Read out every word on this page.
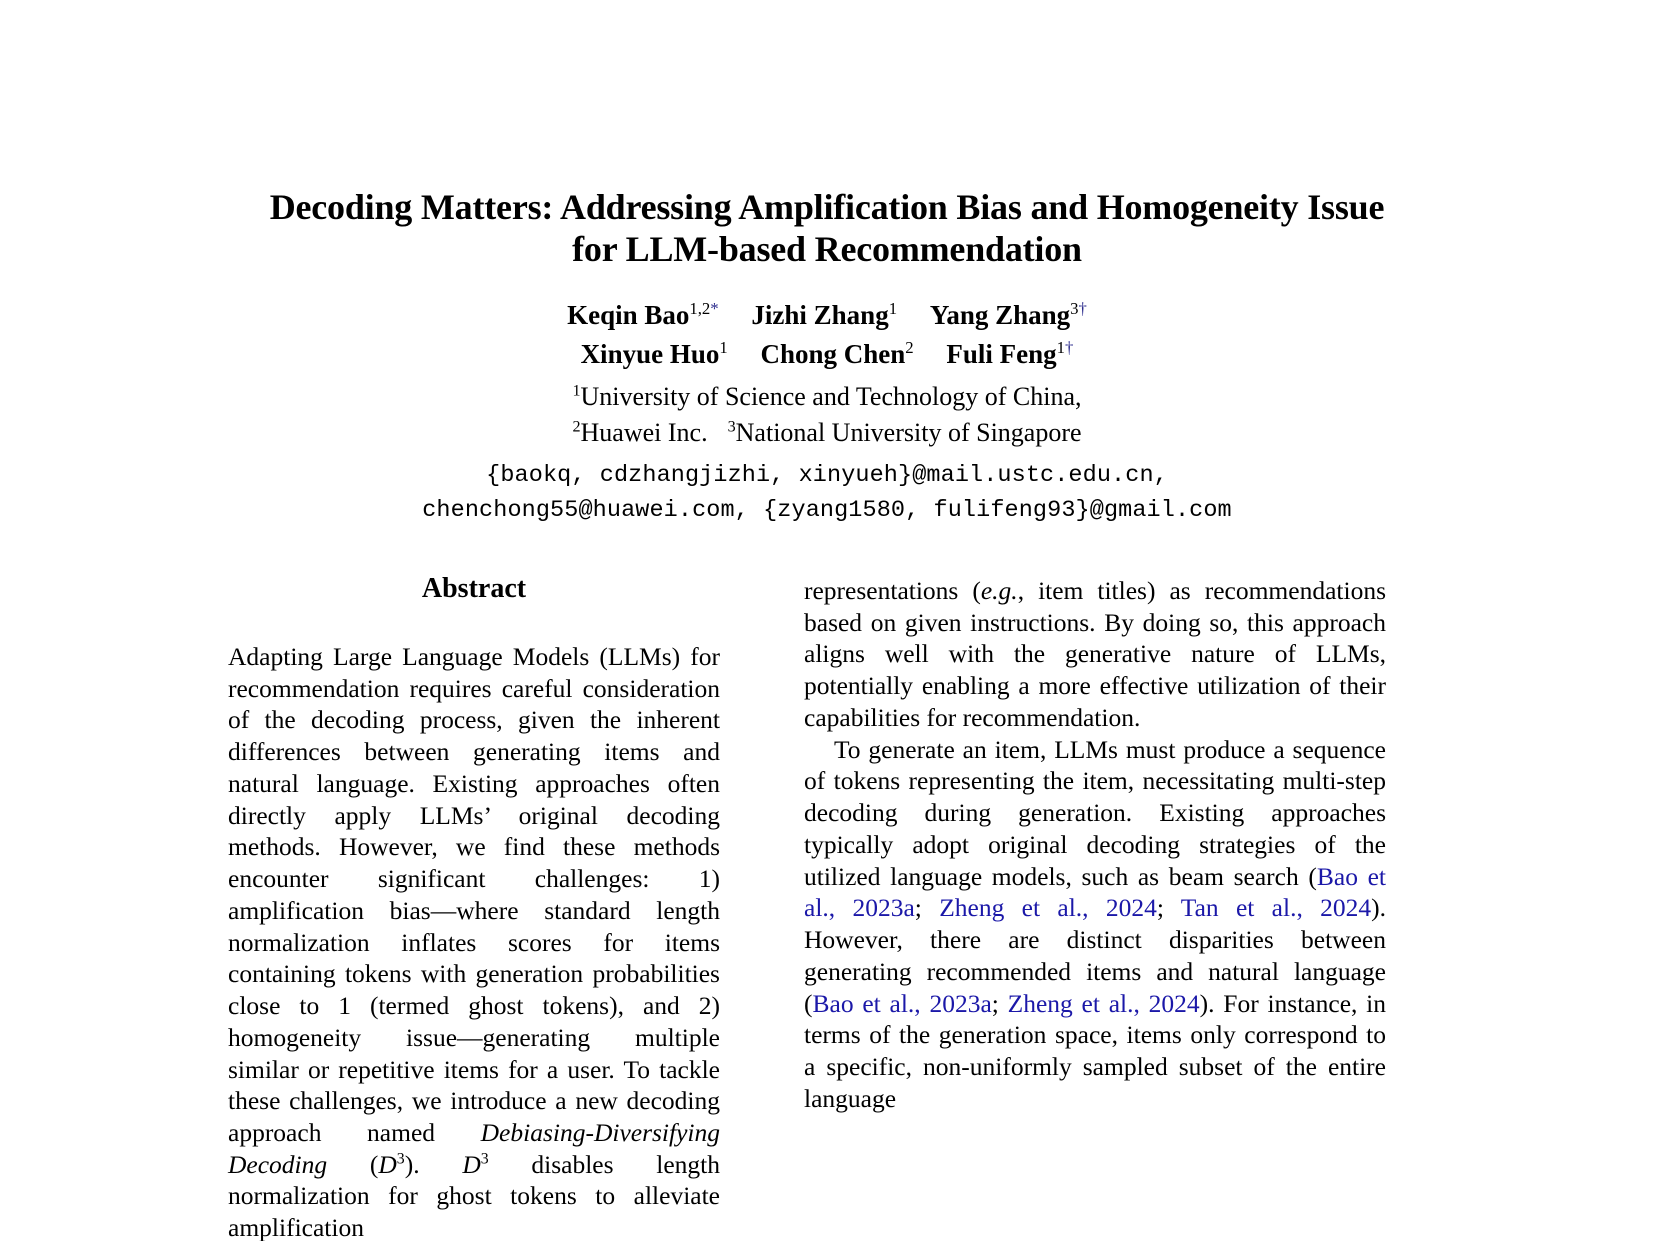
Decoding Matters: Addressing Amplification Bias and Homogeneity Issue
for LLM-based Recommendation
Keqin Bao$^{1,2*}$ Jizhi Zhang$^1$ Yang Zhang$^{3\dagger}$
Xinyue Huo$^1$ Chong Chen$^2$ Fuli Feng$^{1\dagger}$
$^1$University of Science and Technology of China,
$^2$Huawei Inc. $^3$National University of Singapore
{baokq, cdzhangjizhi, xinyueh}@mail.ustc.edu.cn,
chenchong55@huawei.com, {zyang1580, fulifeng93}@gmail.com
Abstract

Adapting Large Language Models (LLMs) for recommendation requires careful consideration of the decoding process, given the inherent differences between generating items and natural language. Existing approaches often directly apply LLMs’ original decoding methods. However, we find these methods encounter significant challenges: 1) amplification bias—where standard length normalization inflates scores for items containing tokens with generation probabilities close to 1 (termed ghost tokens), and 2) homogeneity issue—generating multiple similar or repetitive items for a user. To tackle these challenges, we introduce a new decoding approach named Debiasing-Diversifying Decoding $(D^3)$. $D^3$ disables length normalization for ghost tokens to alleviate amplification

representations (e.g., item titles) as recommendations based on given instructions. By doing so, this approach aligns well with the generative nature of LLMs, potentially enabling a more effective utilization of their capabilities for recommendation.

To generate an item, LLMs must produce a sequence of tokens representing the item, necessitating multi-step decoding during generation. Existing approaches typically adopt original decoding strategies of the utilized language models, such as beam search (Bao et al., 2023a; Zheng et al., 2024; Tan et al., 2024). However, there are distinct disparities between generating recommended items and natural language (Bao et al., 2023a; Zheng et al., 2024). For instance, in terms of the generation space, items only correspond to a specific, non-uniformly sampled subset of the entire language
